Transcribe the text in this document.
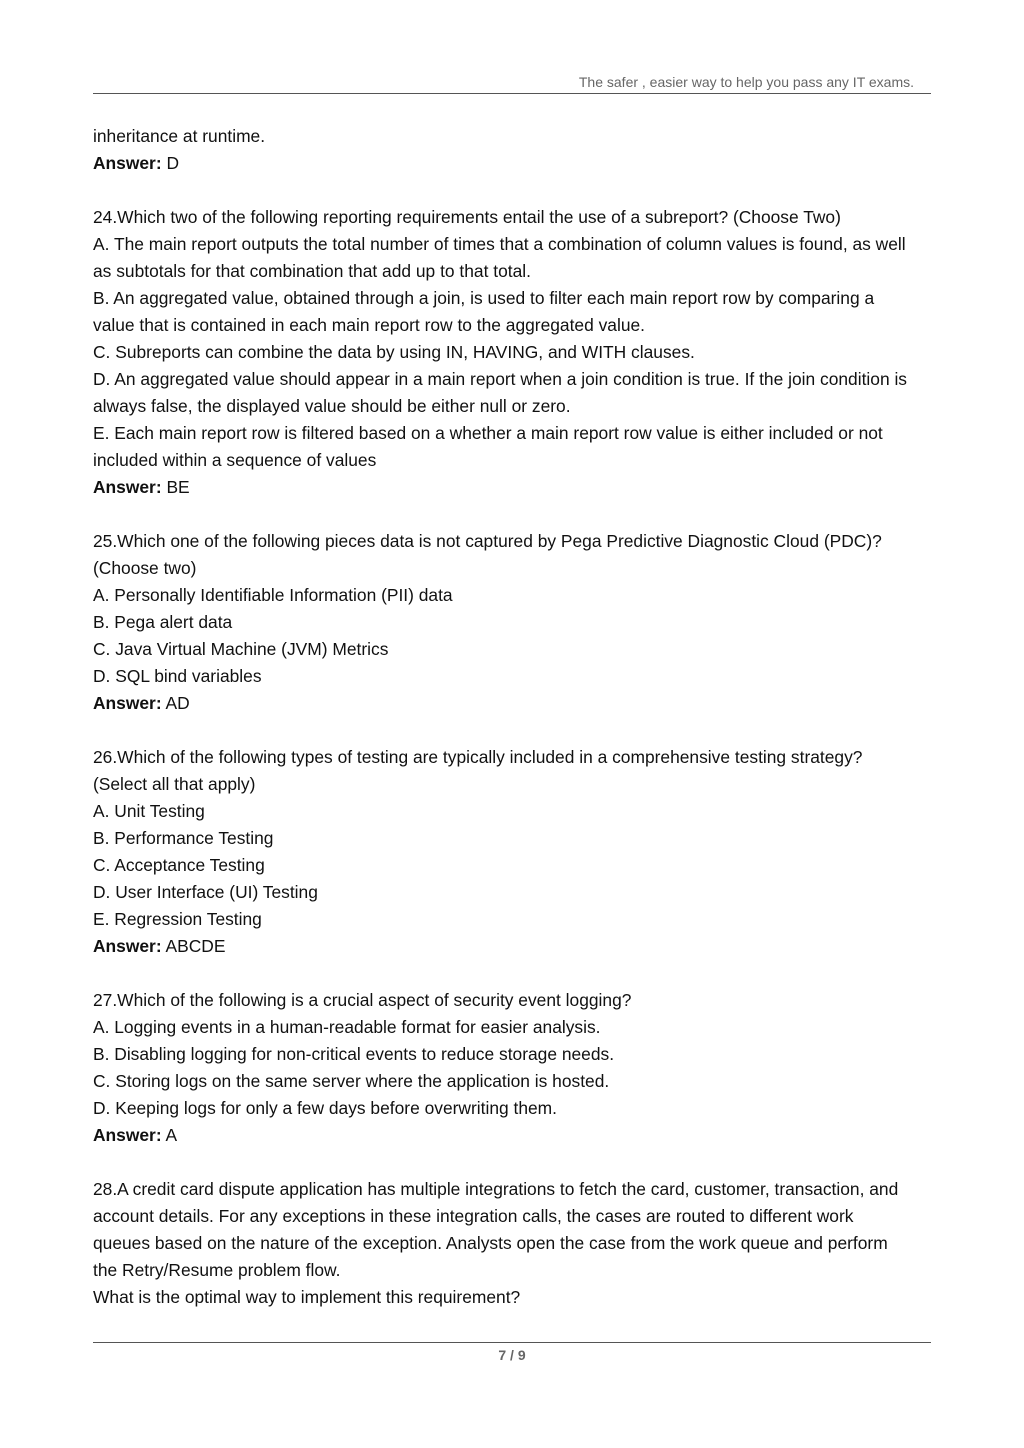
The safer , easier way to help you pass any IT exams.
inheritance at runtime.
Answer: D
24.Which two of the following reporting requirements entail the use of a subreport? (Choose Two)
A. The main report outputs the total number of times that a combination of column values is found, as well
as subtotals for that combination that add up to that total.
B. An aggregated value, obtained through a join, is used to filter each main report row by comparing a
value that is contained in each main report row to the aggregated value.
C. Subreports can combine the data by using IN, HAVING, and WITH clauses.
D. An aggregated value should appear in a main report when a join condition is true. If the join condition is
always false, the displayed value should be either null or zero.
E. Each main report row is filtered based on a whether a main report row value is either included or not
included within a sequence of values
Answer: BE
25.Which one of the following pieces data is not captured by Pega Predictive Diagnostic Cloud (PDC)?
(Choose two)
A. Personally Identifiable Information (PII) data
B. Pega alert data
C. Java Virtual Machine (JVM) Metrics
D. SQL bind variables
Answer: AD
26.Which of the following types of testing are typically included in a comprehensive testing strategy?
(Select all that apply)
A. Unit Testing
B. Performance Testing
C. Acceptance Testing
D. User Interface (UI) Testing
E. Regression Testing
Answer: ABCDE
27.Which of the following is a crucial aspect of security event logging?
A. Logging events in a human-readable format for easier analysis.
B. Disabling logging for non-critical events to reduce storage needs.
C. Storing logs on the same server where the application is hosted.
D. Keeping logs for only a few days before overwriting them.
Answer: A
28.A credit card dispute application has multiple integrations to fetch the card, customer, transaction, and
account details. For any exceptions in these integration calls, the cases are routed to different work
queues based on the nature of the exception. Analysts open the case from the work queue and perform
the Retry/Resume problem flow.
What is the optimal way to implement this requirement?
7 / 9
